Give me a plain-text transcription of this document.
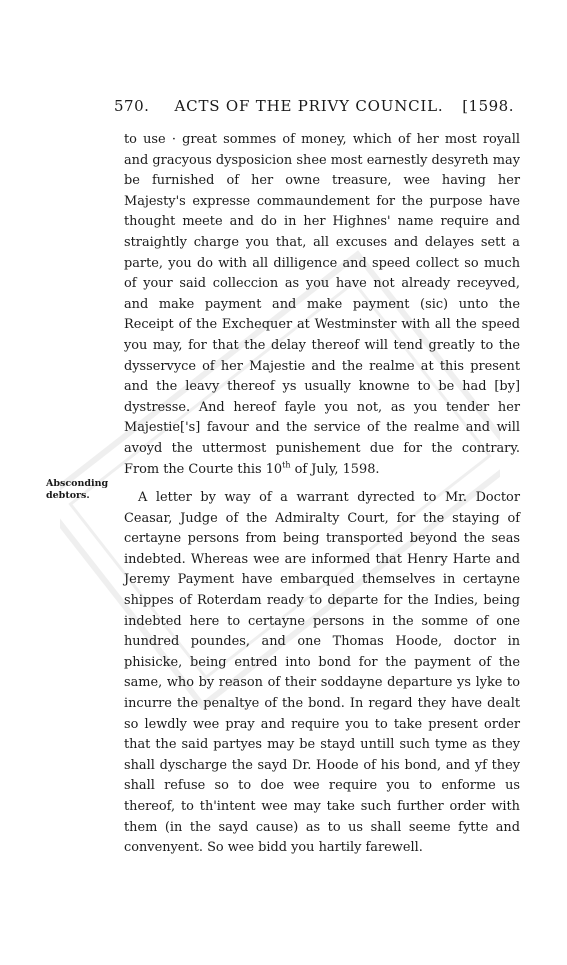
570.	ACTS OF THE PRIVY COUNCIL.	[1598.
Absconding debtors.

to use · great sommes of money, which of her most royall and gracyous dysposicion shee most earnestly desyreth may be furnished of her owne treasure, wee having her Majesty's expresse commaundement for the purpose have thought meete and do in her Highnes' name require and straightly charge you that, all excuses and delayes sett a parte, you do with all dilligence and speed collect so much of your said colleccion as you have not already receyved, and make payment and make payment (sic) unto the Receipt of the Exchequer at Westminster with all the speed you may, for that the delay thereof will tend greatly to the dysservyce of her Majestie and the realme at this present and the leavy thereof ys usually knowne to be had [by] dystresse. And hereof fayle you not, as you tender her Majestie['s] favour and the service of the realme and will avoyd the uttermost punishement due for the contrary. From the Courte this 10th of July, 1598.

A letter by way of a warrant dyrected to Mr. Doctor Ceasar, Judge of the Admiralty Court, for the staying of certayne persons from being transported beyond the seas indebted. Whereas wee are informed that Henry Harte and Jeremy Payment have embarqued themselves in certayne shippes of Roterdam ready to departe for the Indies, being indebted here to certayne persons in the somme of one hundred poundes, and one Thomas Hoode, doctor in phisicke, being entred into bond for the payment of the same, who by reason of their soddayne departure ys lyke to incurre the penaltye of the bond. In regard they have dealt so lewdly wee pray and require you to take present order that the said partyes may be stayd untill such tyme as they shall dyscharge the sayd Dr. Hoode of his bond, and yf they shall refuse so to doe wee require you to enforme us thereof, to th'intent wee may take such further order with them (in the sayd cause) as to us shall seeme fytte and convenyent. So wee bidd you hartily farewell.
